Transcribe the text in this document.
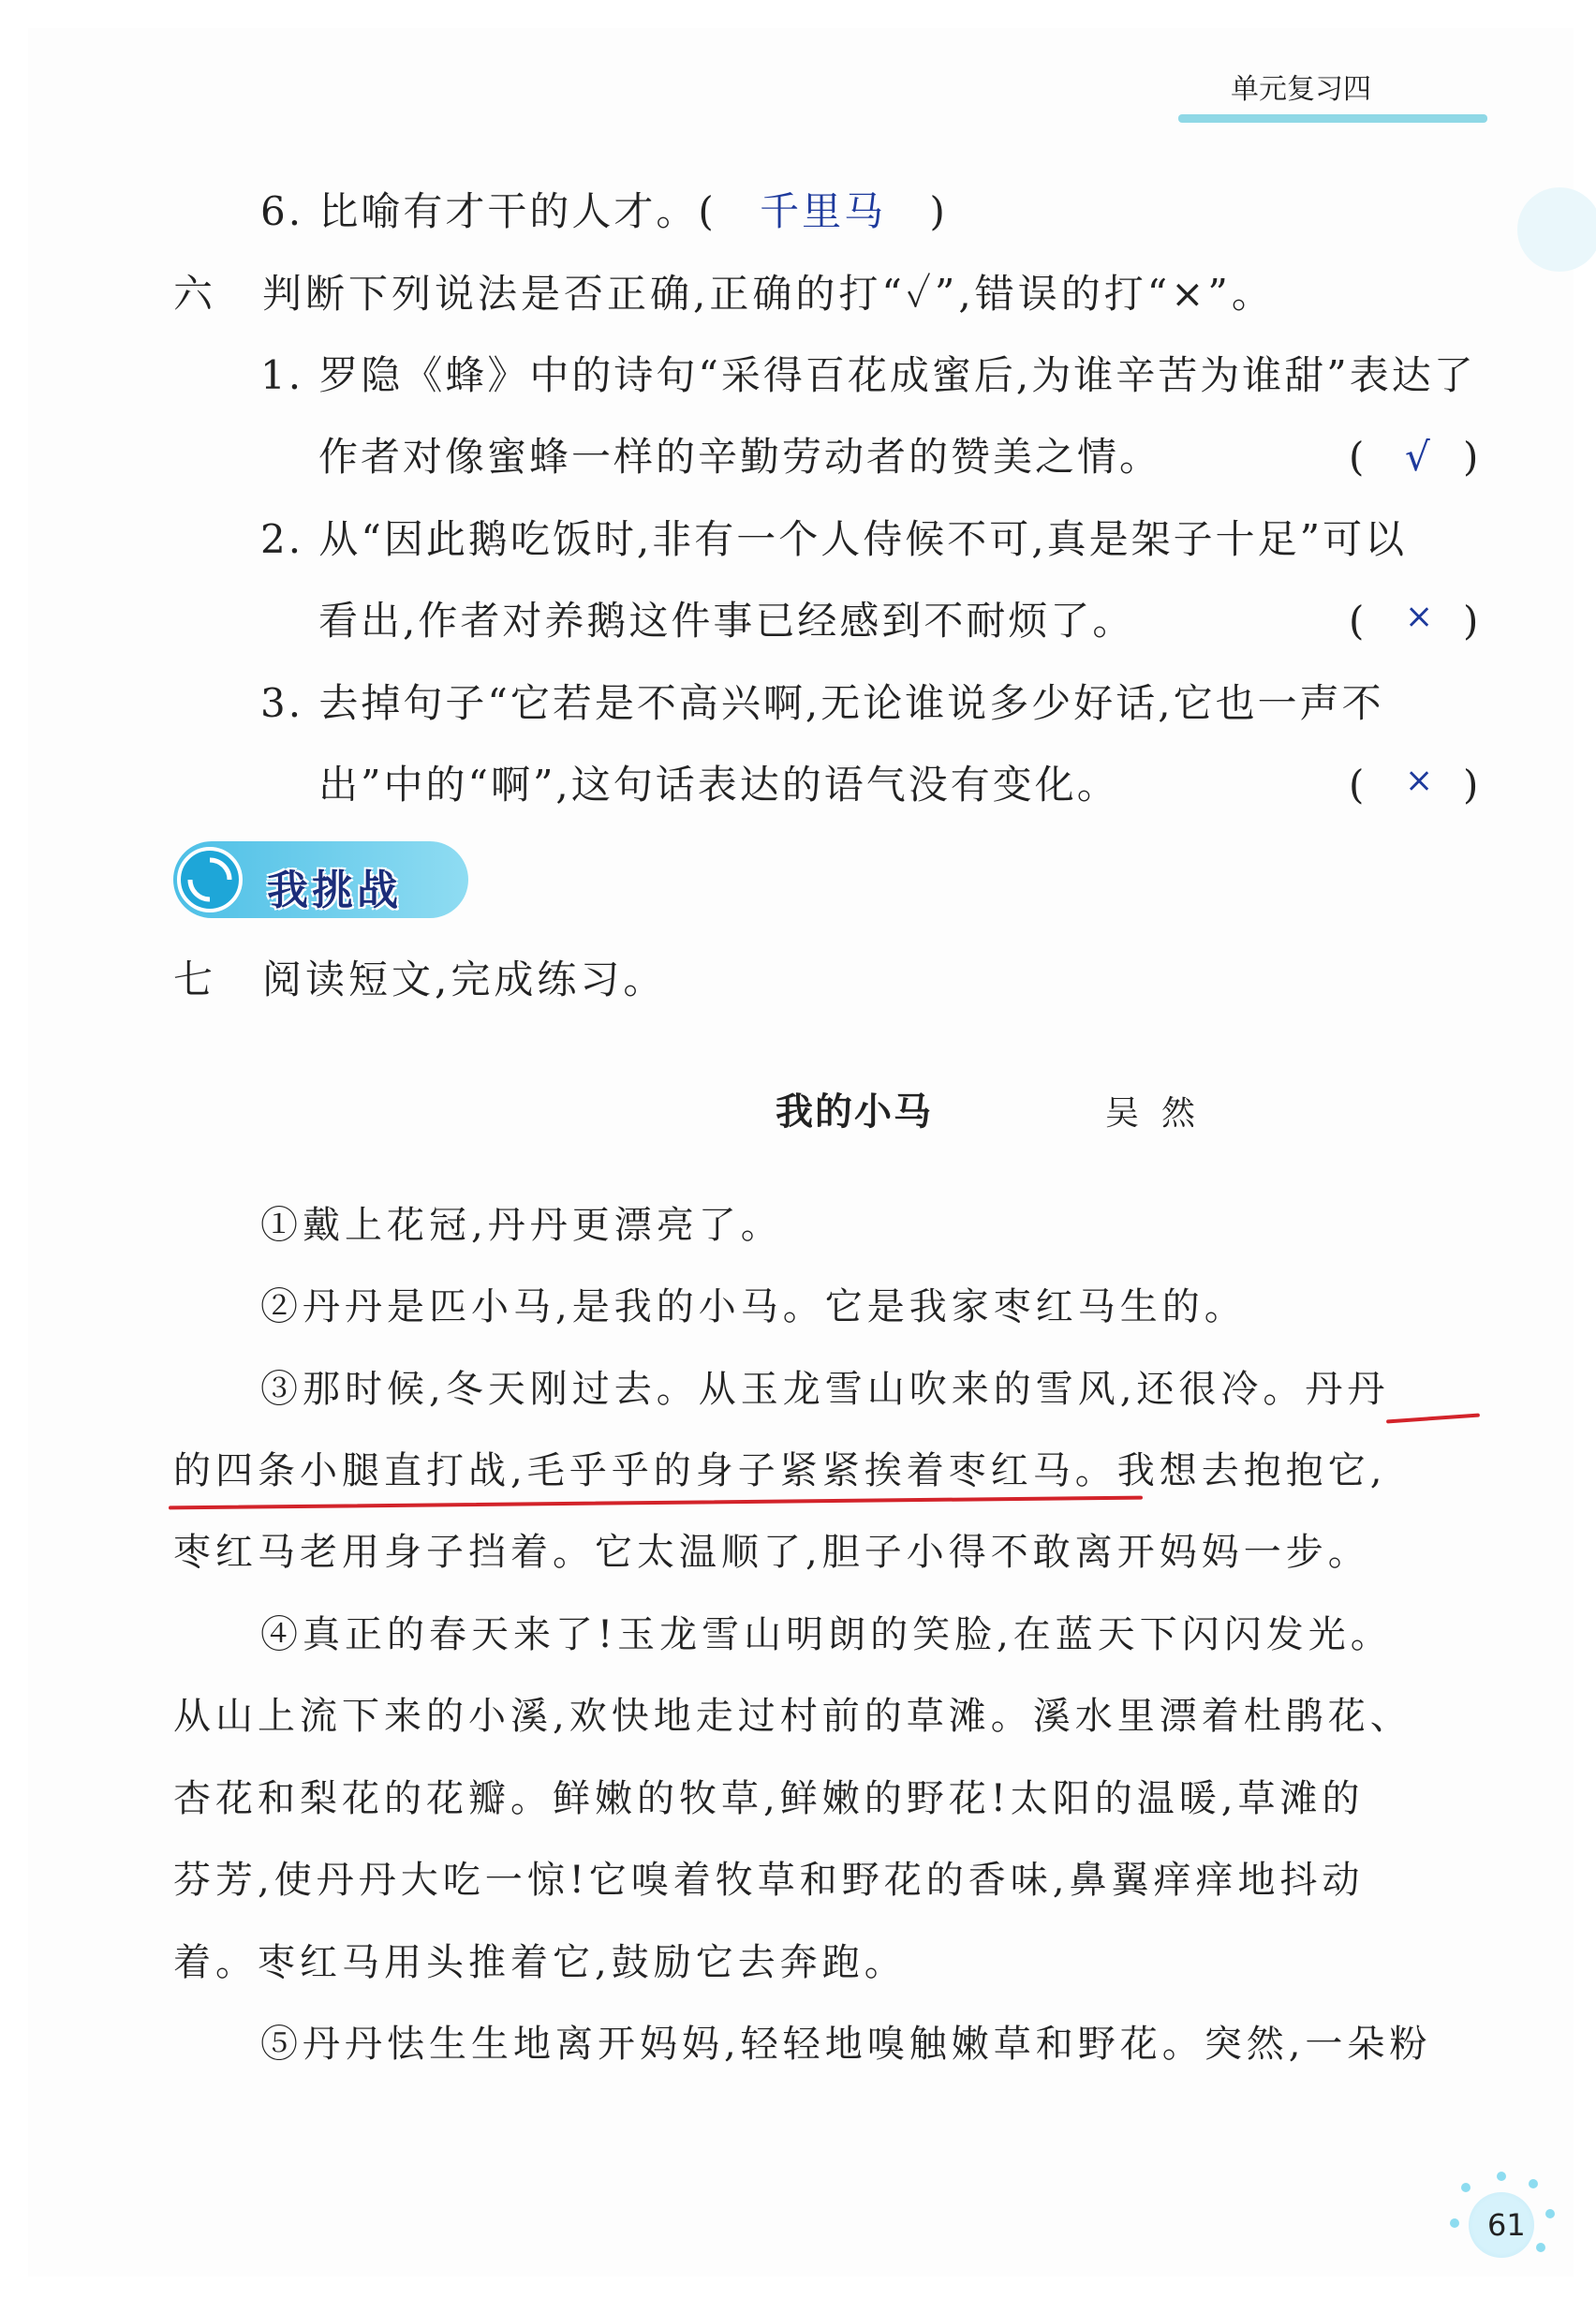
单元复习四
6. 比喻有才干的人才。( 千里马 )
六 判断下列说法是否正确,正确的打“✓”,错误的打“×”。
1. 罗隐《蜂》中的诗句“采得百花成蜜后,为谁辛苦为谁甜”表达了
作者对像蜜蜂一样的辛勤劳动者的赞美之情。	( √ )
2. 从“因此鹅吃饭时,非有一个人侍候不可,真是架子十足”可以
看出,作者对养鹅这件事已经感到不耐烦了。	( × )
3. 去掉句子“它若是不高兴啊,无论谁说多少好话,它也一声不
出”中的“啊”,这句话表达的语气没有变化。	( × )
我挑战
七 阅读短文,完成练习。
我的小马	吴然
①戴上花冠,丹丹更漂亮了。
②丹丹是匹小马,是我的小马。它是我家枣红马生的。
③那时候,冬天刚过去。从玉龙雪山吹来的雪风,还很冷。丹丹
的四条小腿直打战,毛乎乎的身子紧紧挨着枣红马。我想去抱抱它,
枣红马老用身子挡着。它太温顺了,胆子小得不敢离开妈妈一步。
④真正的春天来了!玉龙雪山明朗的笑脸,在蓝天下闪闪发光。
从山上流下来的小溪,欢快地走过村前的草滩。溪水里漂着杜鹃花、
杏花和梨花的花瓣。鲜嫩的牧草,鲜嫩的野花!太阳的温暖,草滩的
芬芳,使丹丹大吃一惊!它嗅着牧草和野花的香味,鼻翼痒痒地抖动
着。枣红马用头推着它,鼓励它去奔跑。
⑤丹丹怯生生地离开妈妈,轻轻地嗅触嫩草和野花。突然,一朵粉
61
